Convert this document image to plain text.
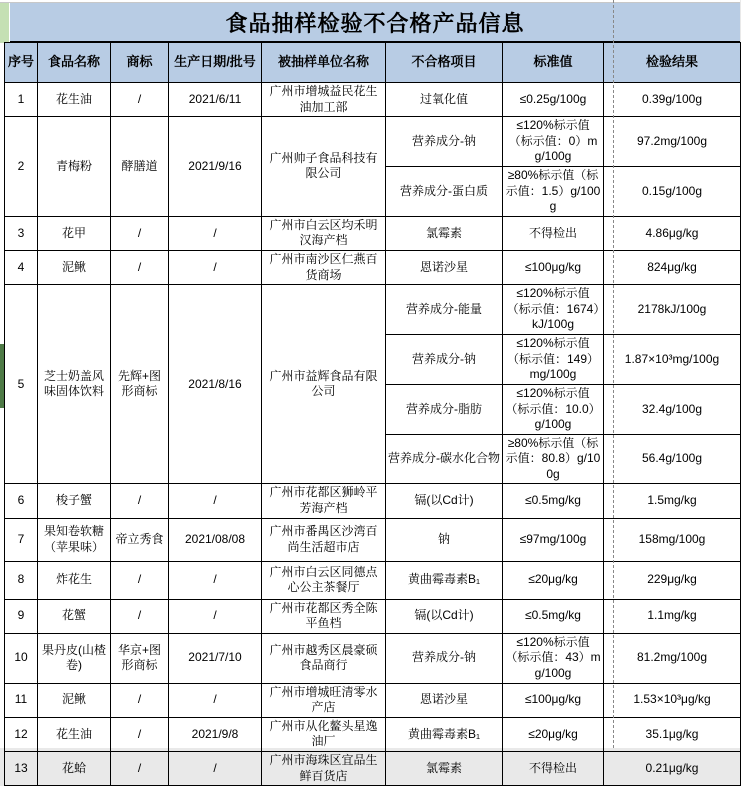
食品抽样检验不合格产品信息
序号	食品名称	商标	生产日期/批号	被抽样单位名称	不合格项目	标准值	检验结果
1	花生油	/	2021/6/11	广州市增城益民花生油加工部	过氧化值	≤0.25g/100g	0.39g/100g
2	青梅粉	酵膳道	2021/9/16	广州帅子食品科技有限公司	营养成分-钠	≤120%标示值（标示值：0）mg/100g	97.2mg/100g
					营养成分-蛋白质	≥80%标示值（标示值：1.5）g/100g	0.15g/100g
3	花甲	/	/	广州市白云区均禾明汉海产档	氯霉素	不得检出	4.86μg/kg
4	泥鳅	/	/	广州市南沙区仁燕百货商场	恩诺沙星	≤100μg/kg	824μg/kg
5	芝士奶盖风味固体饮料	先辉+图形商标	2021/8/16	广州市益辉食品有限公司	营养成分-能量	≤120%标示值（标示值：1674）kJ/100g	2178kJ/100g
					营养成分-钠	≤120%标示值（标示值：149）mg/100g	1.87×10³mg/100g
					营养成分-脂肪	≤120%标示值（标示值：10.0）g/100g	32.4g/100g
					营养成分-碳水化合物	≥80%标示值（标示值：80.8）g/100g	56.4g/100g
6	梭子蟹	/	/	广州市花都区狮岭平芳海产档	镉(以Cd计)	≤0.5mg/kg	1.5mg/kg
7	果知卷软糖（苹果味）	帝立秀食	2021/08/08	广州市番禺区沙湾百尚生活超市店	钠	≤97mg/100g	158mg/100g
8	炸花生	/	/	广州市白云区同德点心公主茶餐厅	黄曲霉毒素B₁	≤20μg/kg	229μg/kg
9	花蟹	/	/	广州市花都区秀全陈平鱼档	镉(以Cd计)	≤0.5mg/kg	1.1mg/kg
10	果丹皮(山楂卷)	华京+图形商标	2021/7/10	广州市越秀区晨豪硕食品商行	营养成分-钠	≤120%标示值（标示值：43）mg/100g	81.2mg/100g
11	泥鳅	/	/	广州市增城旺清零水产店	恩诺沙星	≤100μg/kg	1.53×10³μg/kg
12	花生油	/	2021/9/8	广州市从化鳌头星逸油厂	黄曲霉毒素B₁	≤20μg/kg	35.1μg/kg
13	花蛤	/	/	广州市海珠区宜品生鲜百货店	氯霉素	不得检出	0.21μg/kg
